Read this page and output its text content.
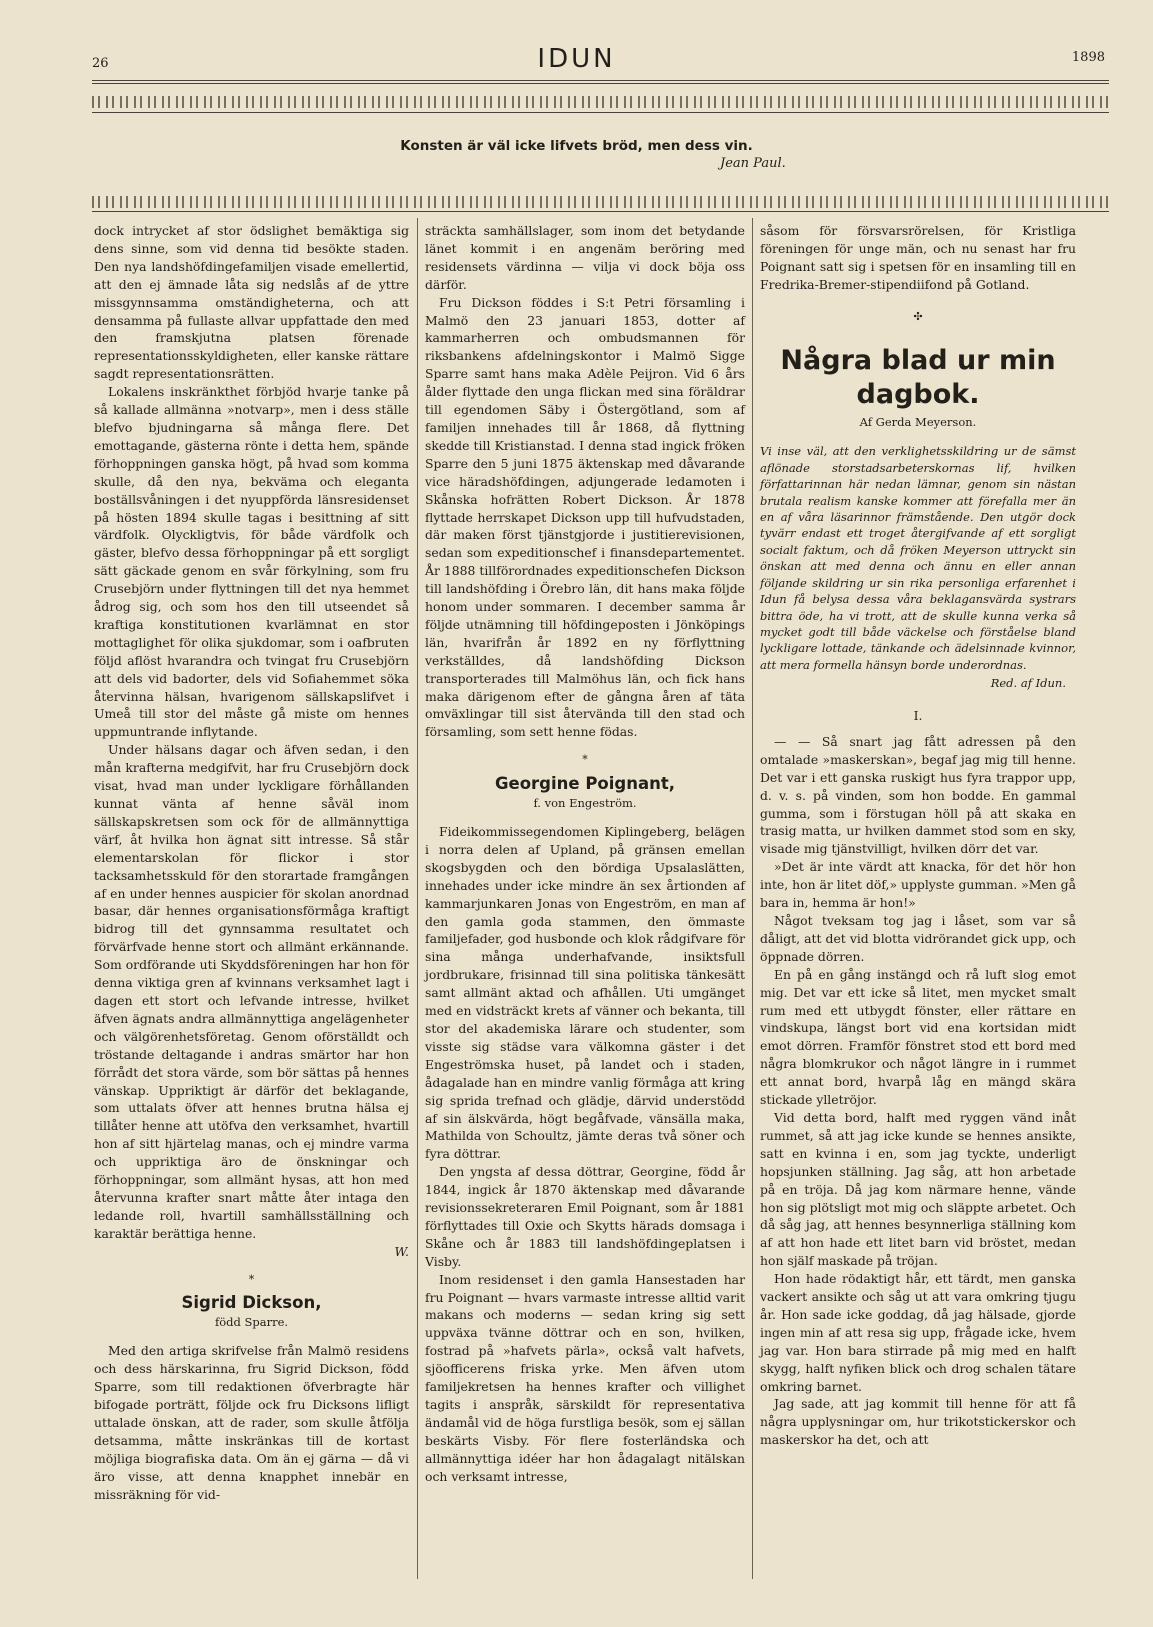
26	IDUN	1898
Konsten är väl icke lifvets bröd, men dess vin.
Jean Paul.

dock intrycket af stor ödslighet bemäktiga sig dens sinne, som vid denna tid besökte staden. Den nya landshöfdingefamiljen visade emellertid, att den ej ämnade låta sig nedslås af de yttre missgynnsamma omständigheterna, och att densamma på fullaste allvar uppfattade den med den framskjutna platsen förenade representationsskyldigheten, eller kanske rättare sagdt representationsrätten.

Lokalens inskränkthet förbjöd hvarje tanke på så kallade allmänna »notvarp», men i dess ställe blefvo bjudningarna så många flere. Det emottagande, gästerna rönte i detta hem, spände förhoppningen ganska högt, på hvad som komma skulle, då den nya, bekväma och eleganta boställsvåningen i det nyuppförda länsresidenset på hösten 1894 skulle tagas i besittning af sitt värdfolk. Olyckligtvis, för både värdfolk och gäster, blefvo dessa förhoppningar på ett sorgligt sätt gäckade genom en svår förkylning, som fru Crusebjörn under flyttningen till det nya hemmet ådrog sig, och som hos den till utseendet så kraftiga konstitutionen kvarlämnat en stor mottaglighet för olika sjukdomar, som i oafbruten följd aflöst hvarandra och tvingat fru Crusebjörn att dels vid badorter, dels vid Sofiahemmet söka återvinna hälsan, hvarigenom sällskapslifvet i Umeå till stor del måste gå miste om hennes uppmuntrande inflytande.

Under hälsans dagar och äfven sedan, i den mån krafterna medgifvit, har fru Crusebjörn dock visat, hvad man under lyckligare förhållanden kunnat vänta af henne såväl inom sällskapskretsen som ock för de allmännyttiga värf, åt hvilka hon ägnat sitt intresse. Så står elementarskolan för flickor i stor tacksamhetsskuld för den storartade framgången af en under hennes auspicier för skolan anordnad basar, där hennes organisationsförmåga kraftigt bidrog till det gynnsamma resultatet och förvärfvade henne stort och allmänt erkännande. Som ordförande uti Skyddsföreningen har hon för denna viktiga gren af kvinnans verksamhet lagt i dagen ett stort och lefvande intresse, hvilket äfven ägnats andra allmännyttiga angelägenheter och välgörenhetsföretag. Genom oförställdt och tröstande deltagande i andras smärtor har hon förrådt det stora värde, som bör sättas på hennes vänskap. Uppriktigt är därför det beklagande, som uttalats öfver att hennes brutna hälsa ej tillåter henne att utöfva den verksamhet, hvartill hon af sitt hjärtelag manas, och ej mindre varma och uppriktiga äro de önskningar och förhoppningar, som allmänt hysas, att hon med återvunna krafter snart måtte åter intaga den ledande roll, hvartill samhällsställning och karaktär berättiga henne.

W.

*
Sigrid Dickson,
född Sparre.

Med den artiga skrifvelse från Malmö residens och dess härskarinna, fru Sigrid Dickson, född Sparre, som till redaktionen öfverbragte här bifogade porträtt, följde ock fru Dicksons lifligt uttalade önskan, att de rader, som skulle åtfölja detsamma, måtte inskränkas till de kortast möjliga biografiska data. Om än ej gärna — då vi äro visse, att denna knapphet innebär en missräkning för vid-

sträckta samhällslager, som inom det betydande länet kommit i en angenäm beröring med residensets värdinna — vilja vi dock böja oss därför.

Fru Dickson föddes i S:t Petri församling i Malmö den 23 januari 1853, dotter af kammarherren och ombudsmannen för riksbankens afdelningskontor i Malmö Sigge Sparre samt hans maka Adèle Peijron. Vid 6 års ålder flyttade den unga flickan med sina föräldrar till egendomen Säby i Östergötland, som af familjen innehades till år 1868, då flyttning skedde till Kristianstad. I denna stad ingick fröken Sparre den 5 juni 1875 äktenskap med dåvarande vice häradshöfdingen, adjungerade ledamoten i Skånska hofrätten Robert Dickson. År 1878 flyttade herrskapet Dickson upp till hufvudstaden, där maken först tjänstgjorde i justitierevisionen, sedan som expeditionschef i finansdepartementet. År 1888 tillförordnades expeditionschefen Dickson till landshöfding i Örebro län, dit hans maka följde honom under sommaren. I december samma år följde utnämning till höfdingeposten i Jönköpings län, hvarifrån år 1892 en ny förflyttning verkställdes, då landshöfding Dickson transporterades till Malmöhus län, och fick hans maka därigenom efter de gångna åren af täta omväxlingar till sist återvända till den stad och församling, som sett henne födas.

*
Georgine Poignant,
f. von Engeström.

Fideikommissegendomen Kiplingeberg, belägen i norra delen af Upland, på gränsen emellan skogsbygden och den bördiga Upsalaslätten, innehades under icke mindre än sex årtionden af kammarjunkaren Jonas von Engeström, en man af den gamla goda stammen, den ömmaste familjefader, god husbonde och klok rådgifvare för sina många underhafvande, insiktsfull jordbrukare, frisinnad till sina politiska tänkesätt samt allmänt aktad och afhållen. Uti umgänget med en vidsträckt krets af vänner och bekanta, till stor del akademiska lärare och studenter, som visste sig städse vara välkomna gäster i det Engeströmska huset, på landet och i staden, ådagalade han en mindre vanlig förmåga att kring sig sprida trefnad och glädje, därvid understödd af sin älskvärda, högt begåfvade, vänsälla maka, Mathilda von Schoultz, jämte deras två söner och fyra döttrar.

Den yngsta af dessa döttrar, Georgine, född år 1844, ingick år 1870 äktenskap med dåvarande revisionssekreteraren Emil Poignant, som år 1881 förflyttades till Oxie och Skytts härads domsaga i Skåne och år 1883 till landshöfdingeplatsen i Visby.

Inom residenset i den gamla Hansestaden har fru Poignant — hvars varmaste intresse alltid varit makans och moderns — sedan kring sig sett uppväxa tvänne döttrar och en son, hvilken, fostrad på »hafvets pärla», också valt hafvets, sjöofficerens friska yrke. Men äfven utom familjekretsen ha hennes krafter och villighet tagits i anspråk, särskildt för representativa ändamål vid de höga furstliga besök, som ej sällan beskärts Visby. För flere fosterländska och allmännyttiga idéer har hon ådagalagt nitälskan och verksamt intresse,

såsom för försvarsrörelsen, för Kristliga föreningen för unge män, och nu senast har fru Poignant satt sig i spetsen för en insamling till en Fredrika-Bremer-stipendiifond på Gotland.

✣
Några blad ur min dagbok.
Af Gerda Meyerson.

Vi inse väl, att den verklighetsskildring ur de sämst aflönade storstadsarbeterskornas lif, hvilken författarinnan här nedan lämnar, genom sin nästan brutala realism kanske kommer att förefalla mer än en af våra läsarinnor främstående. Den utgör dock tyvärr endast ett troget återgifvande af ett sorgligt socialt faktum, och då fröken Meyerson uttryckt sin önskan att med denna och ännu en eller annan följande skildring ur sin rika personliga erfarenhet i Idun få belysa dessa våra beklagansvärda systrars bittra öde, ha vi trott, att de skulle kunna verka så mycket godt till både väckelse och förståelse bland lyckligare lottade, tänkande och ädelsinnade kvinnor, att mera formella hänsyn borde underordnas.

Red. af Idun.
I.

— — Så snart jag fått adressen på den omtalade »maskerskan», begaf jag mig till henne. Det var i ett ganska ruskigt hus fyra trappor upp, d. v. s. på vinden, som hon bodde. En gammal gumma, som i förstugan höll på att skaka en trasig matta, ur hvilken dammet stod som en sky, visade mig tjänstvilligt, hvilken dörr det var.

»Det är inte värdt att knacka, för det hör hon inte, hon är litet döf,» upplyste gumman. »Men gå bara in, hemma är hon!»

Något tveksam tog jag i låset, som var så dåligt, att det vid blotta vidrörandet gick upp, och öppnade dörren.

En på en gång instängd och rå luft slog emot mig. Det var ett icke så litet, men mycket smalt rum med ett utbygdt fönster, eller rättare en vindskupa, längst bort vid ena kortsidan midt emot dörren. Framför fönstret stod ett bord med några blomkrukor och något längre in i rummet ett annat bord, hvarpå låg en mängd skära stickade ylletröjor.

Vid detta bord, halft med ryggen vänd inåt rummet, så att jag icke kunde se hennes ansikte, satt en kvinna i en, som jag tyckte, underligt hopsjunken ställning. Jag såg, att hon arbetade på en tröja. Då jag kom närmare henne, vände hon sig plötsligt mot mig och släppte arbetet. Och då såg jag, att hennes besynnerliga ställning kom af att hon hade ett litet barn vid bröstet, medan hon själf maskade på tröjan.

Hon hade rödaktigt hår, ett tärdt, men ganska vackert ansikte och såg ut att vara omkring tjugu år. Hon sade icke goddag, då jag hälsade, gjorde ingen min af att resa sig upp, frågade icke, hvem jag var. Hon bara stirrade på mig med en halft skygg, halft nyfiken blick och drog schalen tätare omkring barnet.

Jag sade, att jag kommit till henne för att få några upplysningar om, hur trikotstickerskor och maskerskor ha det, och att
